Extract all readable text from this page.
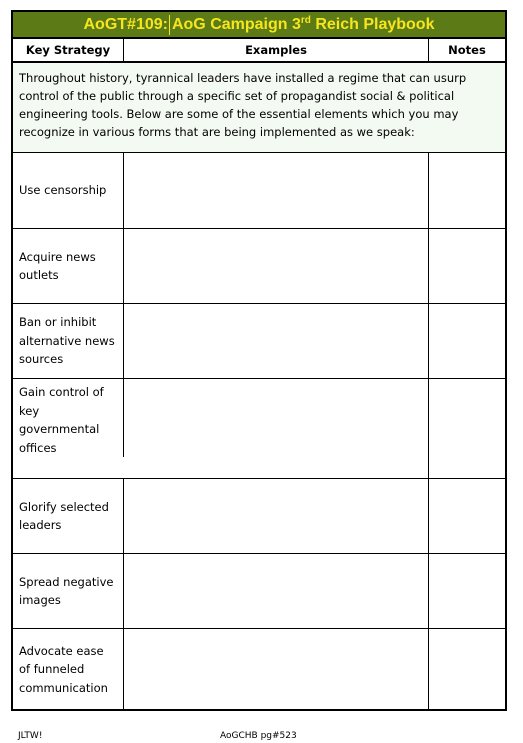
AoGT#109: AoG Campaign 3rd Reich Playbook
Key Strategy	Examples	Notes
Throughout history, tyrannical leaders have installed a regime that can usurp control of the public through a specific set of propagandist social & political engineering tools. Below are some of the essential elements which you may recognize in various forms that are being implemented as we speak:
Use censorship
Acquire news outlets
Ban or inhibit alternative news sources
Gain control of key governmental offices
Glorify selected leaders
Spread negative images
Advocate ease of funneled communication
JLTW!	AoGCHB pg#523
